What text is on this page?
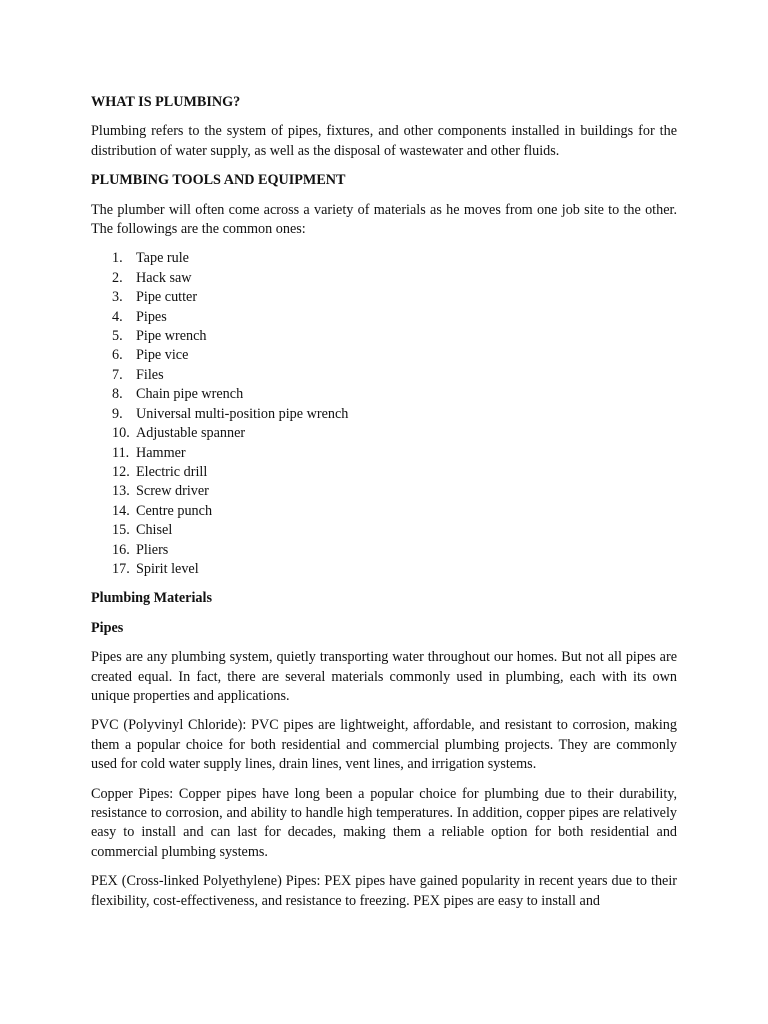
WHAT IS PLUMBING?

Plumbing refers to the system of pipes, fixtures, and other components installed in buildings for the distribution of water supply, as well as the disposal of wastewater and other fluids.

PLUMBING TOOLS AND EQUIPMENT

The plumber will often come across a variety of materials as he moves from one job site to the other. The followings are the common ones:

1. Tape rule
2. Hack saw
3. Pipe cutter
4. Pipes
5. Pipe wrench
6. Pipe vice
7. Files
8. Chain pipe wrench
9. Universal multi-position pipe wrench
10. Adjustable spanner
11. Hammer
12. Electric drill
13. Screw driver
14. Centre punch
15. Chisel
16. Pliers
17. Spirit level
Plumbing Materials
Pipes

Pipes are any plumbing system, quietly transporting water throughout our homes. But not all pipes are created equal. In fact, there are several materials commonly used in plumbing, each with its own unique properties and applications.

PVC (Polyvinyl Chloride): PVC pipes are lightweight, affordable, and resistant to corrosion, making them a popular choice for both residential and commercial plumbing projects. They are commonly used for cold water supply lines, drain lines, vent lines, and irrigation systems.

Copper Pipes: Copper pipes have long been a popular choice for plumbing due to their durability, resistance to corrosion, and ability to handle high temperatures. In addition, copper pipes are relatively easy to install and can last for decades, making them a reliable option for both residential and commercial plumbing systems.

PEX (Cross-linked Polyethylene) Pipes: PEX pipes have gained popularity in recent years due to their flexibility, cost-effectiveness, and resistance to freezing. PEX pipes are easy to install and
